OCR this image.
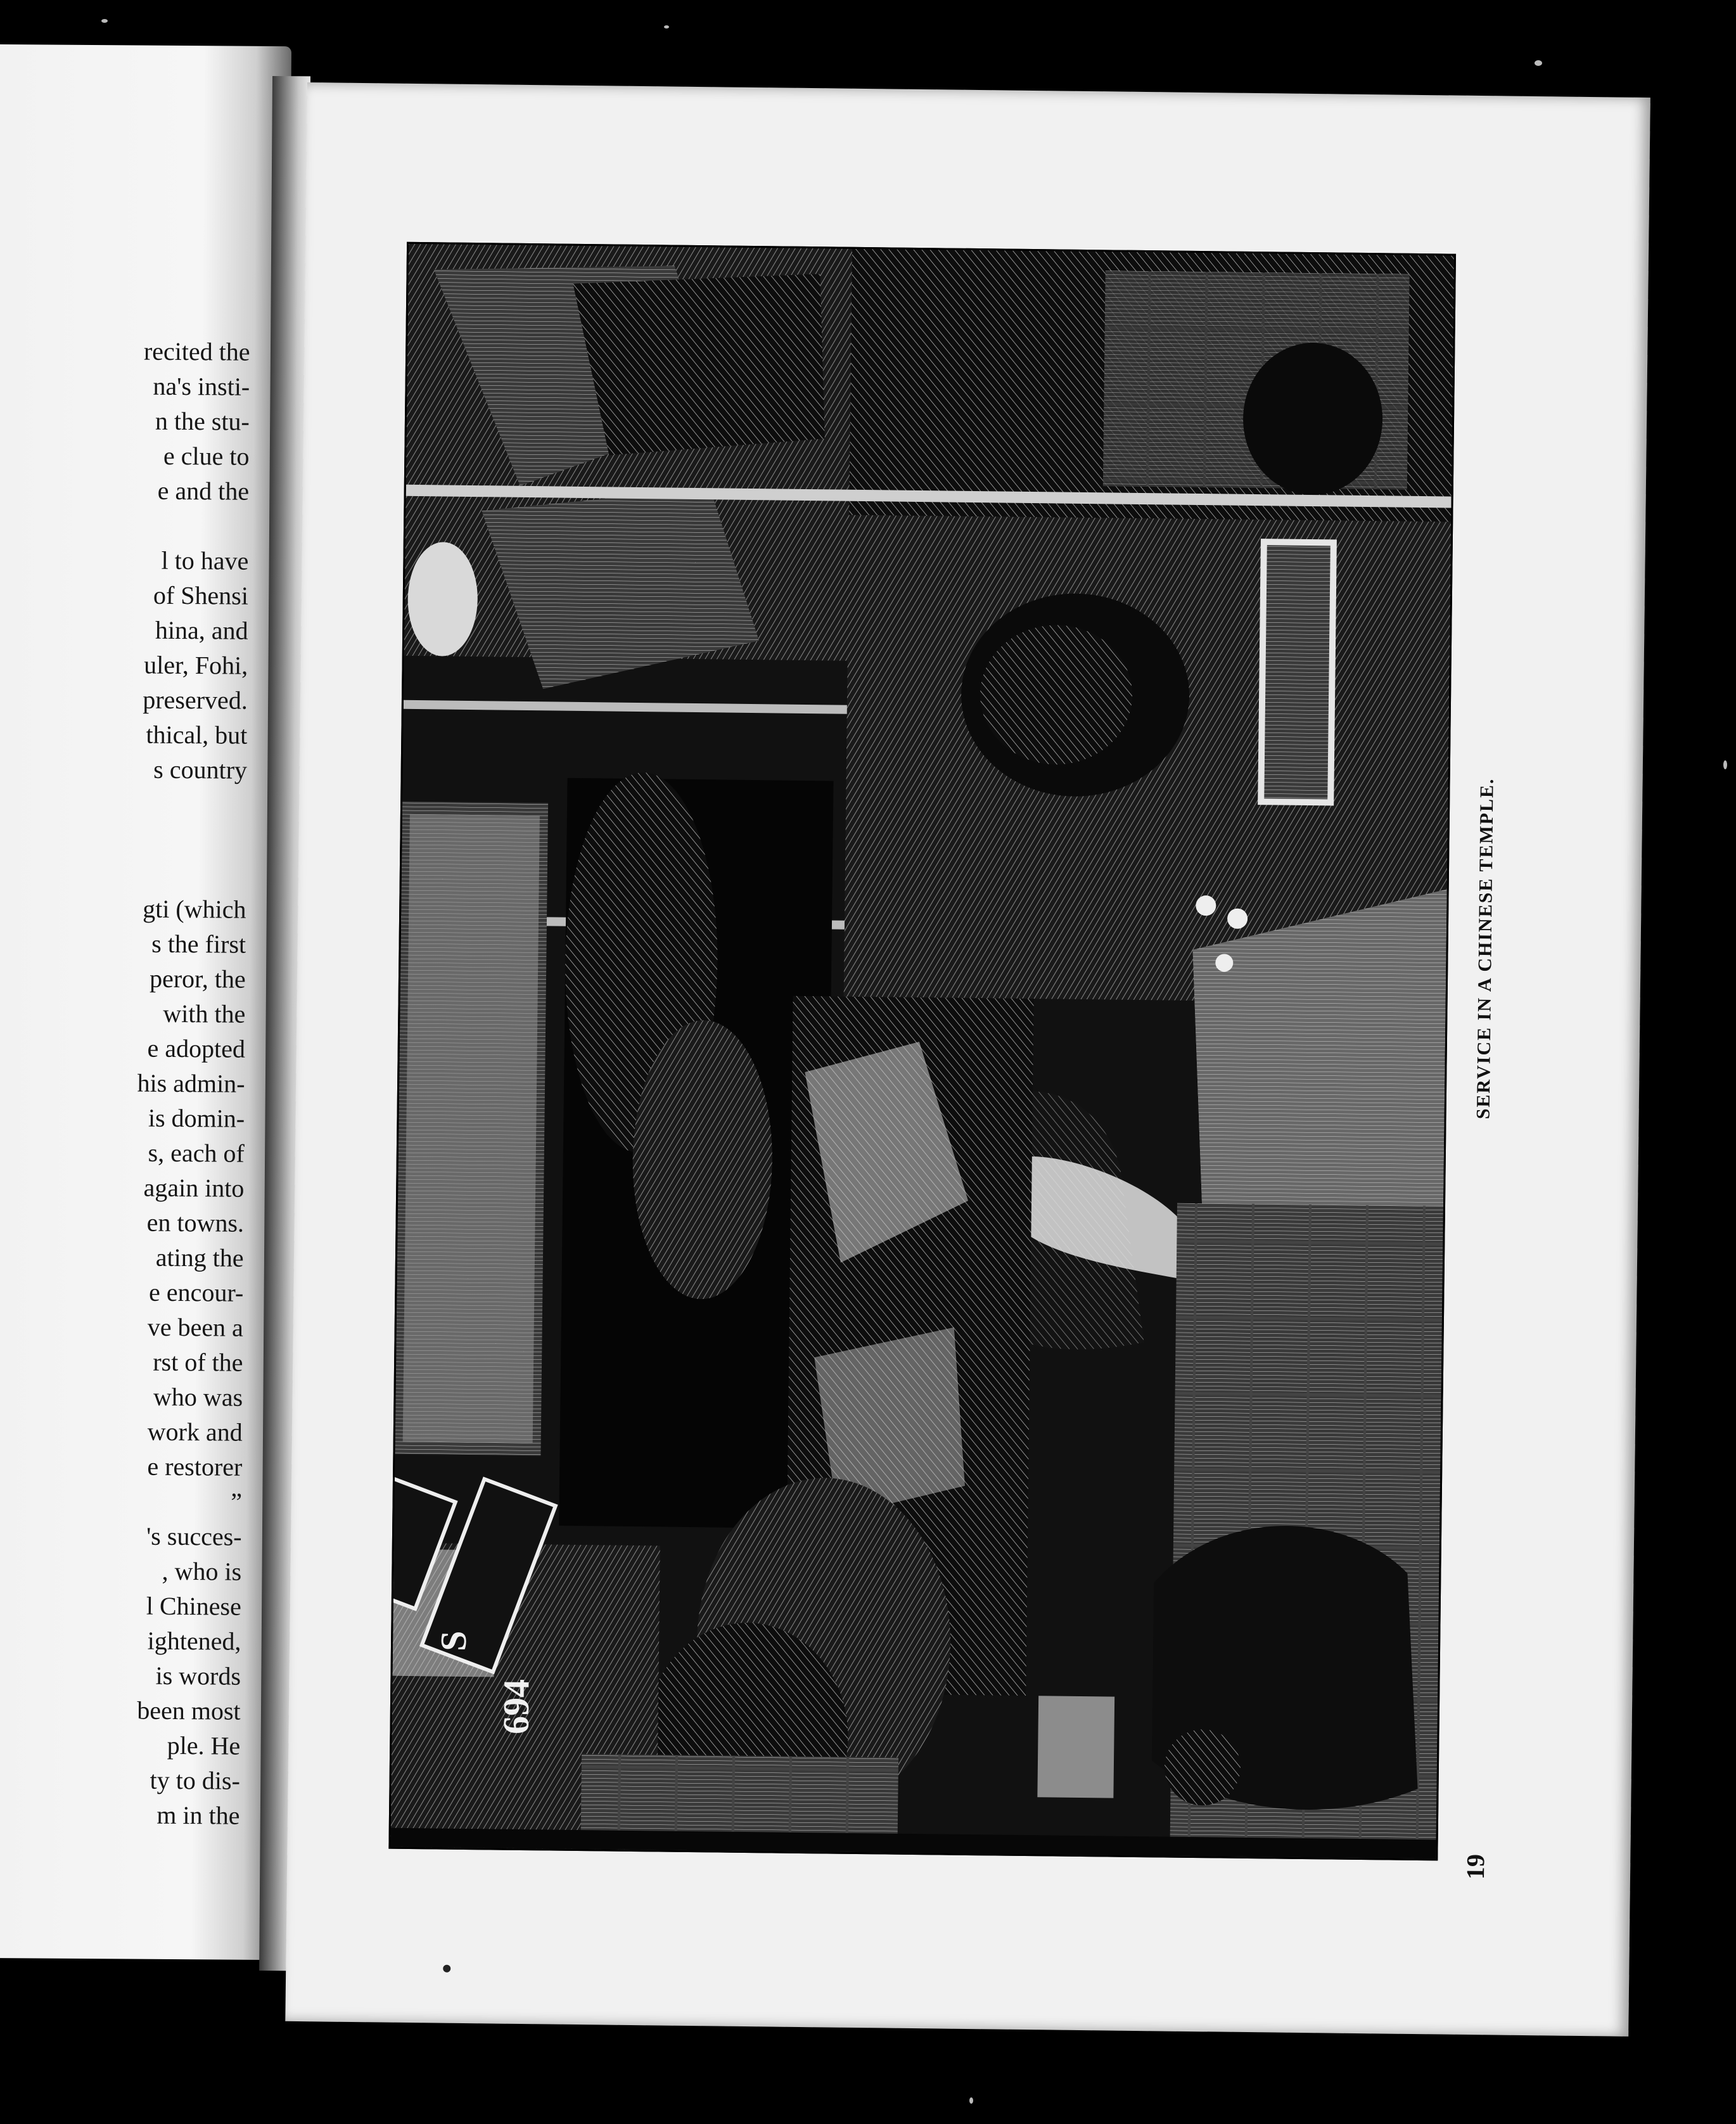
recited the
na's insti-
n the stu-
e clue to
e and the

l to have
of Shensi
hina, and
uler, Fohi,
preserved.
thical, but
s country

gti (which
s the first
peror, the
with the
e adopted
his admin-
is domin-
s, each of
again into
en towns.
ating the
e encour-
ve been a
rst of the
who was
work and
e restorer
”
's succes-
, who is
l Chinese
ightened,
is words
been most
ple. He
ty to dis-
m in the
S
694
SERVICE IN A CHINESE TEMPLE.
19
